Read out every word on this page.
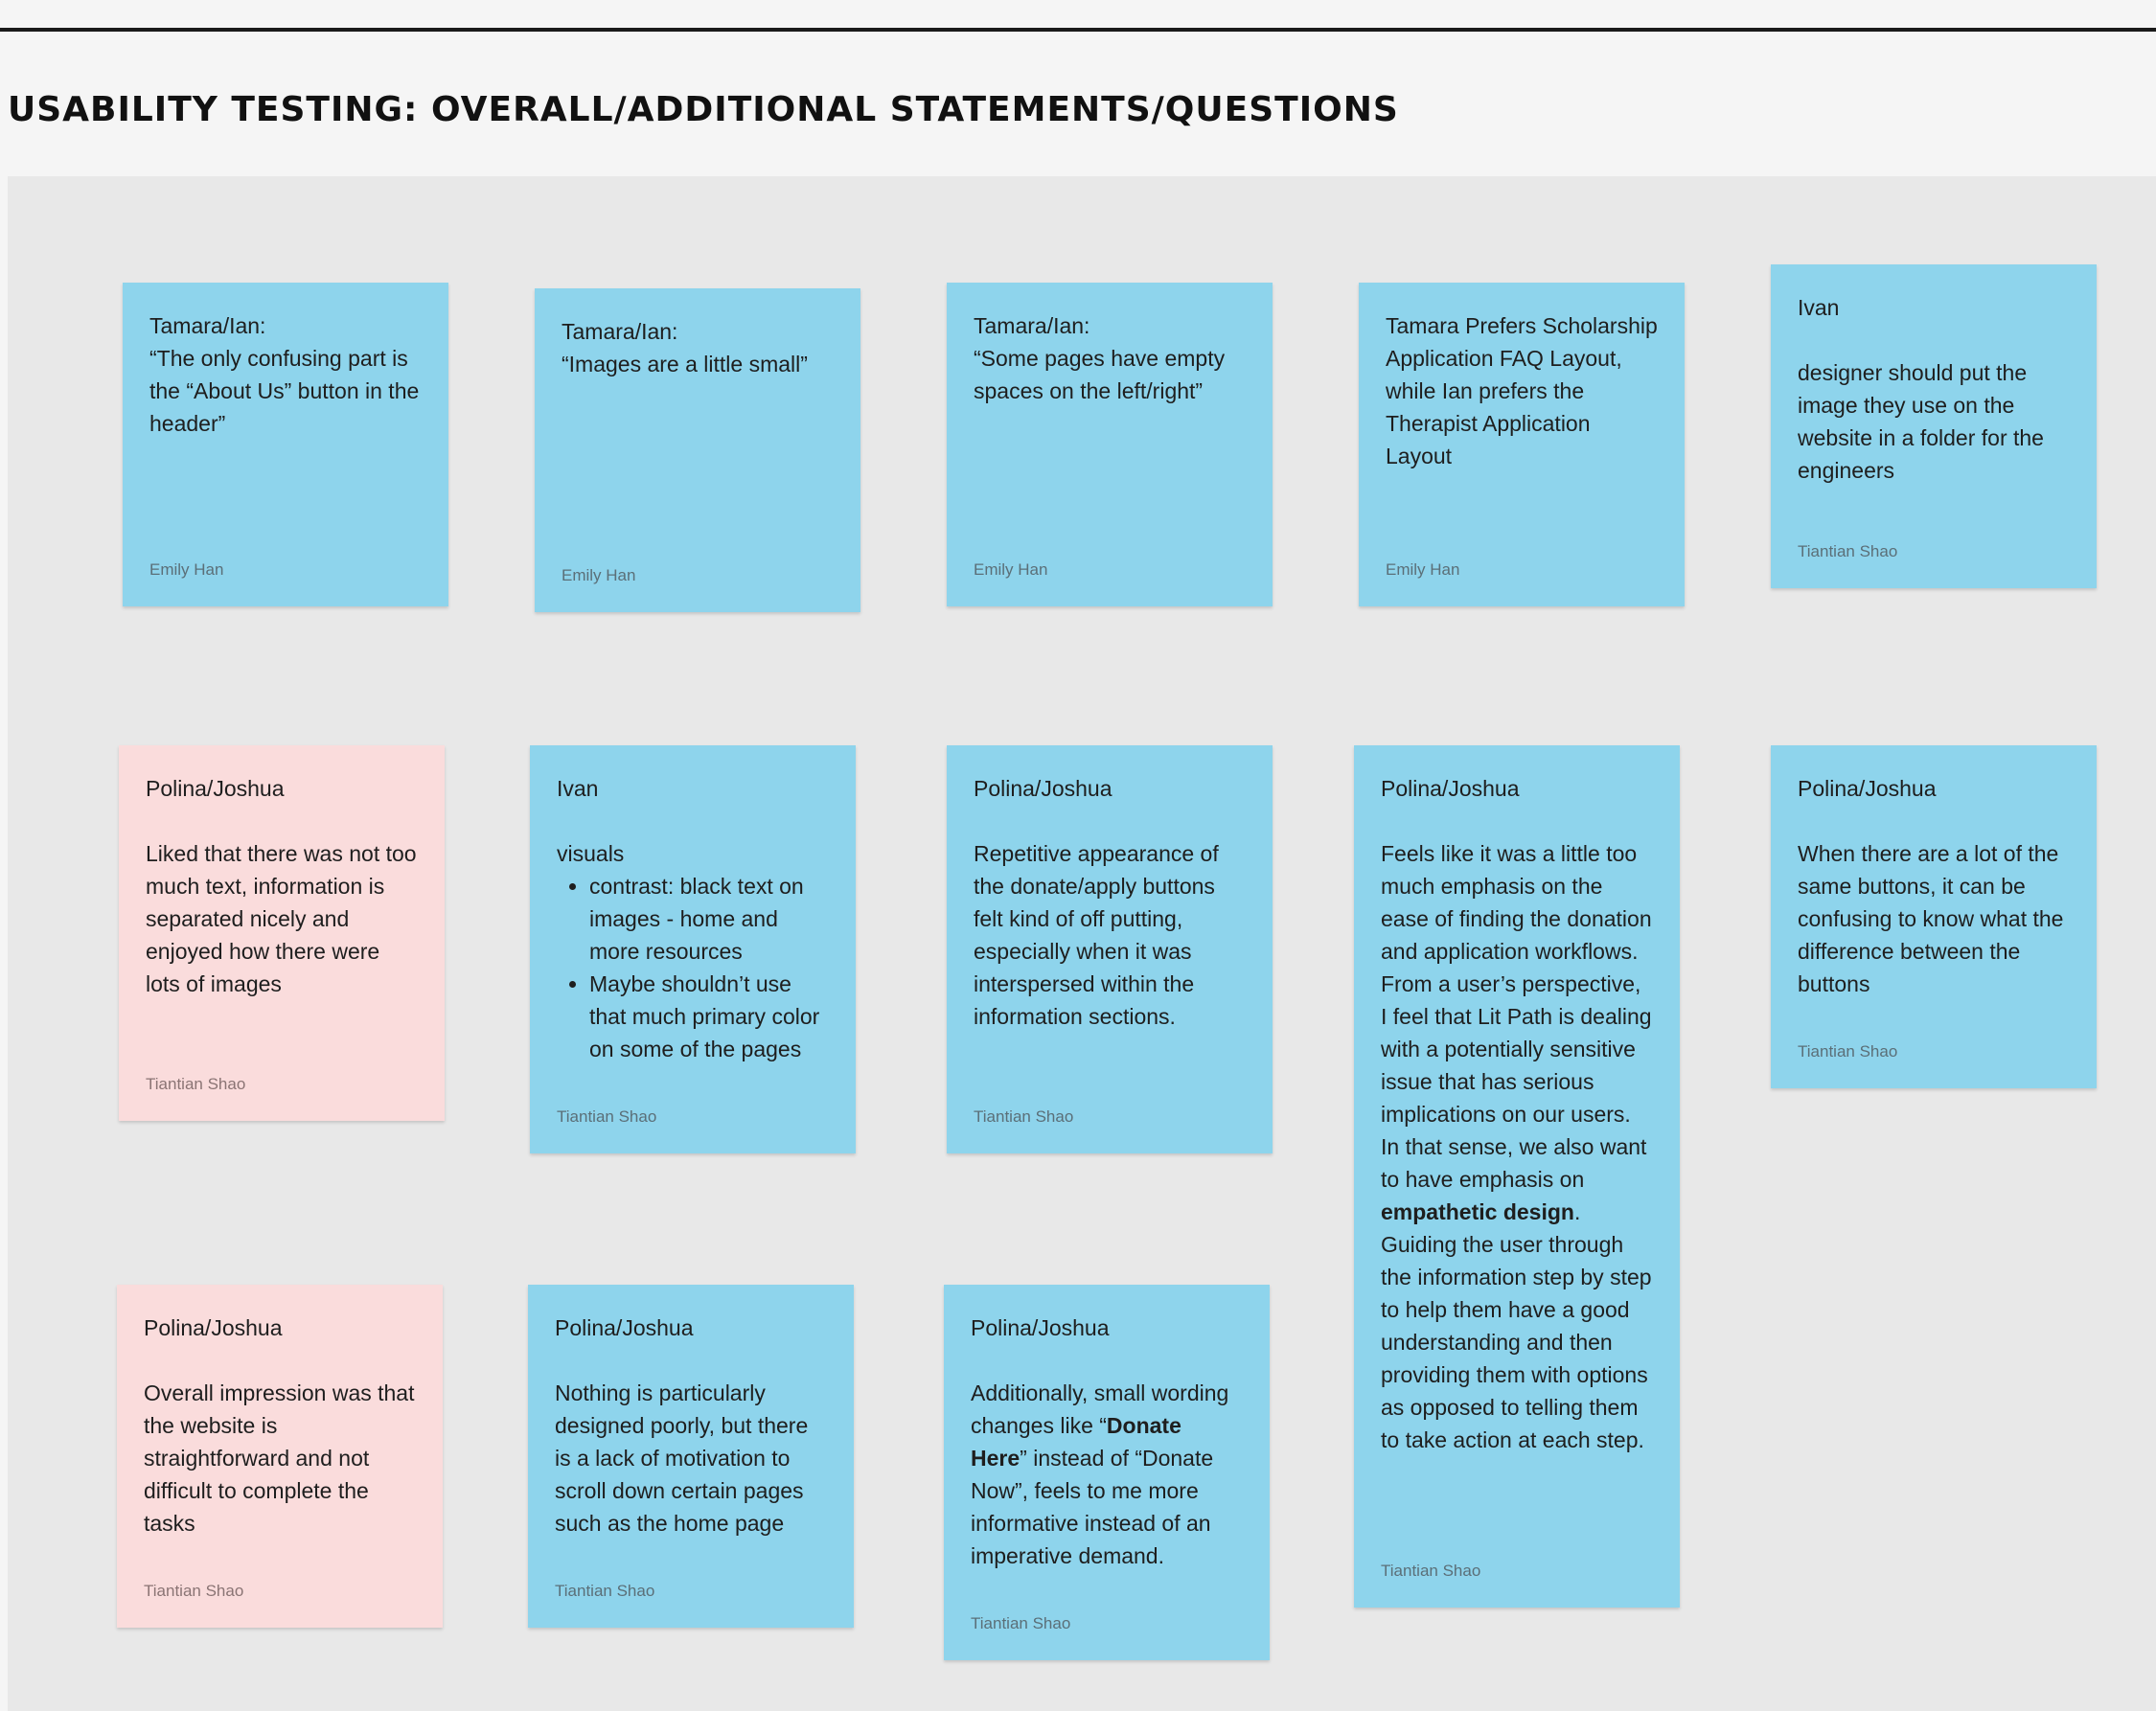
USABILITY TESTING: OVERALL/ADDITIONAL STATEMENTS/QUESTIONS
Tamara/Ian:
“The only confusing part is the “About Us” button in the header”
Emily Han
Tamara/Ian:
“Images are a little small”
Emily Han
Tamara/Ian:
“Some pages have empty spaces on the left/right”
Emily Han
Tamara Prefers Scholarship Application FAQ Layout, while Ian prefers the Therapist Application Layout
Emily Han
Ivan
designer should put the image they use on the website in a folder for the engineers
Tiantian Shao
Polina/Joshua
Liked that there was not too much text, information is separated nicely and enjoyed how there were lots of images
Tiantian Shao
Ivan
visuals
• contrast: black text on images - home and more resources
• Maybe shouldn’t use that much primary color on some of the pages
Tiantian Shao
Polina/Joshua
Repetitive appearance of the donate/apply buttons felt kind of off putting, especially when it was interspersed within the information sections.
Tiantian Shao
Polina/Joshua
Feels like it was a little too much emphasis on the ease of finding the donation and application workflows. From a user’s perspective, I feel that Lit Path is dealing with a potentially sensitive issue that has serious implications on our users. In that sense, we also want to have emphasis on empathetic design. Guiding the user through the information step by step to help them have a good understanding and then providing them with options as opposed to telling them to take action at each step.
Tiantian Shao
Polina/Joshua
When there are a lot of the same buttons, it can be confusing to know what the difference between the buttons
Tiantian Shao
Polina/Joshua
Overall impression was that the website is straightforward and not difficult to complete the tasks
Tiantian Shao
Polina/Joshua
Nothing is particularly designed poorly, but there is a lack of motivation to scroll down certain pages such as the home page
Tiantian Shao
Polina/Joshua
Additionally, small wording changes like “Donate Here” instead of “Donate Now”, feels to me more informative instead of an imperative demand.
Tiantian Shao
